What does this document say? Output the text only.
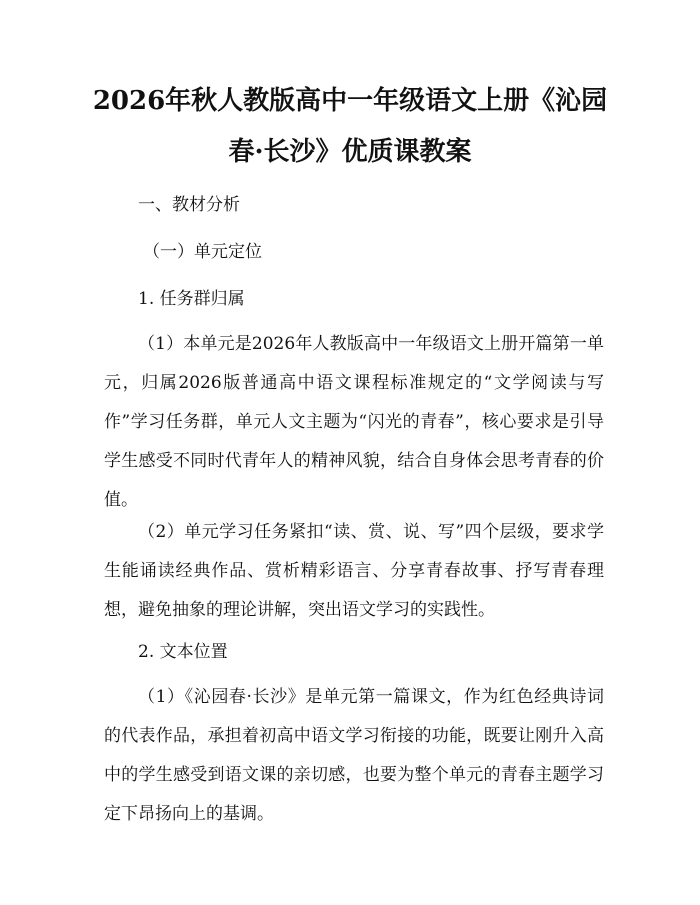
2026年秋人教版高中一年级语文上册《沁园
春·长沙》优质课教案
一、教材分析
（一）单元定位
1. 任务群归属
（1）本单元是2026年人教版高中一年级语文上册开篇第一单元，归属2026版普通高中语文课程标准规定的“文学阅读与写作”学习任务群，单元人文主题为“闪光的青春”，核心要求是引导学生感受不同时代青年人的精神风貌，结合自身体会思考青春的价值。
（2）单元学习任务紧扣“读、赏、说、写”四个层级，要求学生能诵读经典作品、赏析精彩语言、分享青春故事、抒写青春理想，避免抽象的理论讲解，突出语文学习的实践性。
2. 文本位置
（1）《沁园春·长沙》是单元第一篇课文，作为红色经典诗词的代表作品，承担着初高中语文学习衔接的功能，既要让刚升入高中的学生感受到语文课的亲切感，也要为整个单元的青春主题学习定下昂扬向上的基调。
